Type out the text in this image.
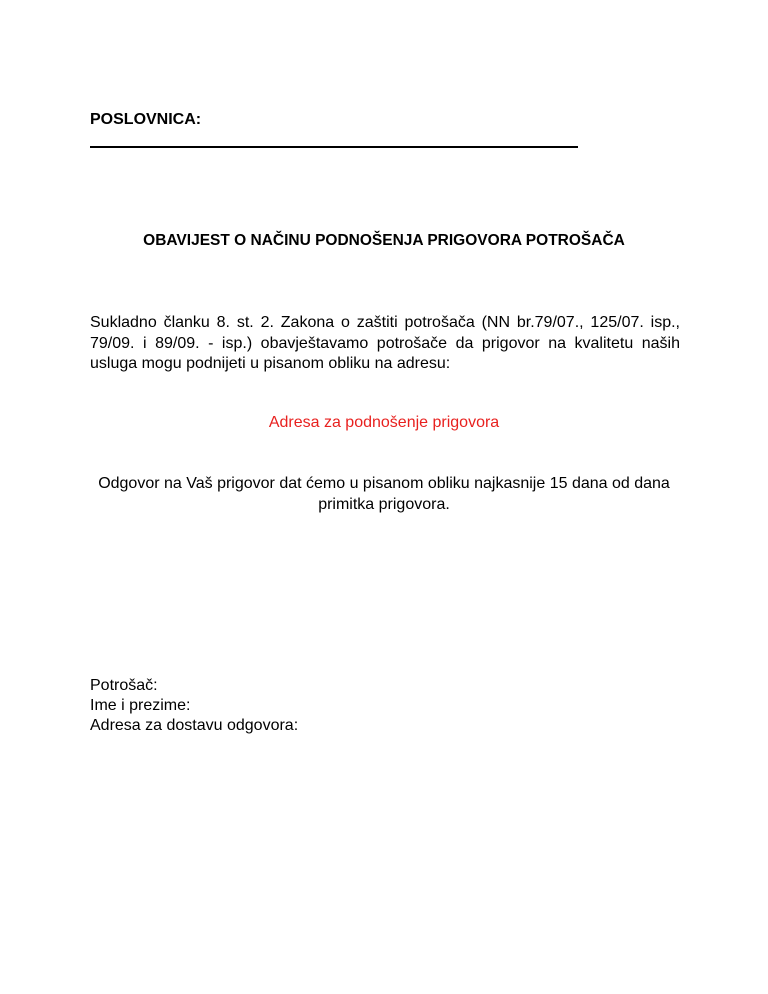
POSLOVNICA:
OBAVIJEST O NAČINU PODNOŠENJA PRIGOVORA POTROŠAČA
Sukladno članku 8. st. 2. Zakona o zaštiti potrošača (NN br.79/07., 125/07. isp., 79/09. i 89/09. - isp.) obavještavamo potrošače da prigovor na kvalitetu naših usluga mogu podnijeti u pisanom obliku na adresu:
Adresa za podnošenje prigovora
Odgovor na Vaš prigovor dat ćemo u pisanom obliku najkasnije 15 dana od dana primitka prigovora.

Potrošač:

Ime i prezime:

Adresa za dostavu odgovora:
